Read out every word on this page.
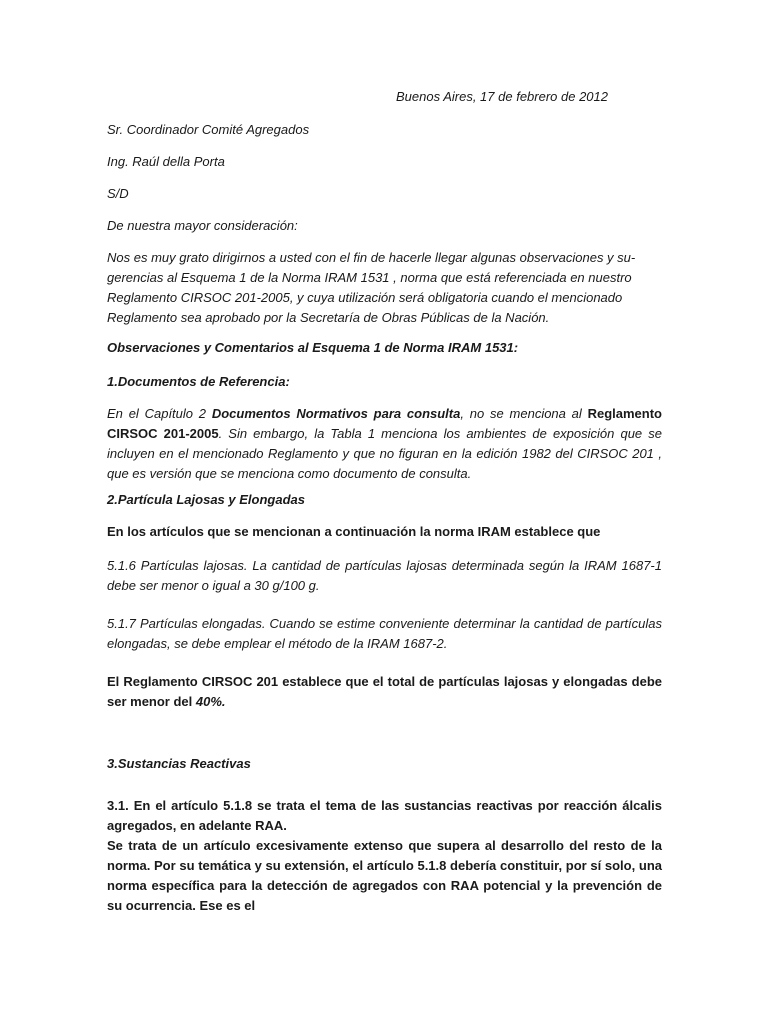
Buenos Aires, 17 de febrero de 2012

Sr. Coordinador Comité Agregados

Ing. Raúl della Porta

S/D

De nuestra mayor consideración:

Nos es muy grato dirigirnos a usted con el fin de hacerle llegar algunas observaciones y su-

gerencias al Esquema 1 de la Norma IRAM 1531 , norma que está referenciada en nuestro

Reglamento CIRSOC 201-2005, y cuya utilización será obligatoria cuando el mencionado

Reglamento sea aprobado por la Secretaría de Obras Públicas de la Nación.

Observaciones y Comentarios al Esquema 1 de Norma IRAM 1531:

1.Documentos de Referencia:

En el Capítulo 2 Documentos Normativos para consulta, no se menciona al Reglamento CIRSOC 201-2005. Sin embargo, la Tabla 1 menciona los ambientes de exposición que se incluyen en el mencionado Reglamento y que no figuran en la edición 1982 del CIRSOC 201 , que es versión que se menciona como documento de consulta.

2.Partícula Lajosas y Elongadas

En los artículos que se mencionan a continuación la norma IRAM establece que

5.1.6 Partículas lajosas. La cantidad de partículas lajosas determinada según la IRAM 1687-1 debe ser menor o igual a 30 g/100 g.

5.1.7 Partículas elongadas. Cuando se estime conveniente determinar la cantidad de partículas elongadas, se debe emplear el método de la IRAM 1687-2.

El Reglamento CIRSOC 201 establece que el total de partículas lajosas y elongadas debe ser menor del 40%.

3.Sustancias Reactivas

3.1. En el artículo 5.1.8 se trata el tema de las sustancias reactivas por reacción álcalis agregados, en adelante RAA.

Se trata de un artículo excesivamente extenso que supera al desarrollo del resto de la norma. Por su temática y su extensión, el artículo 5.1.8 debería constituir, por sí solo, una norma específica para la detección de agregados con RAA potencial y la prevención de su ocurrencia. Ese es el
